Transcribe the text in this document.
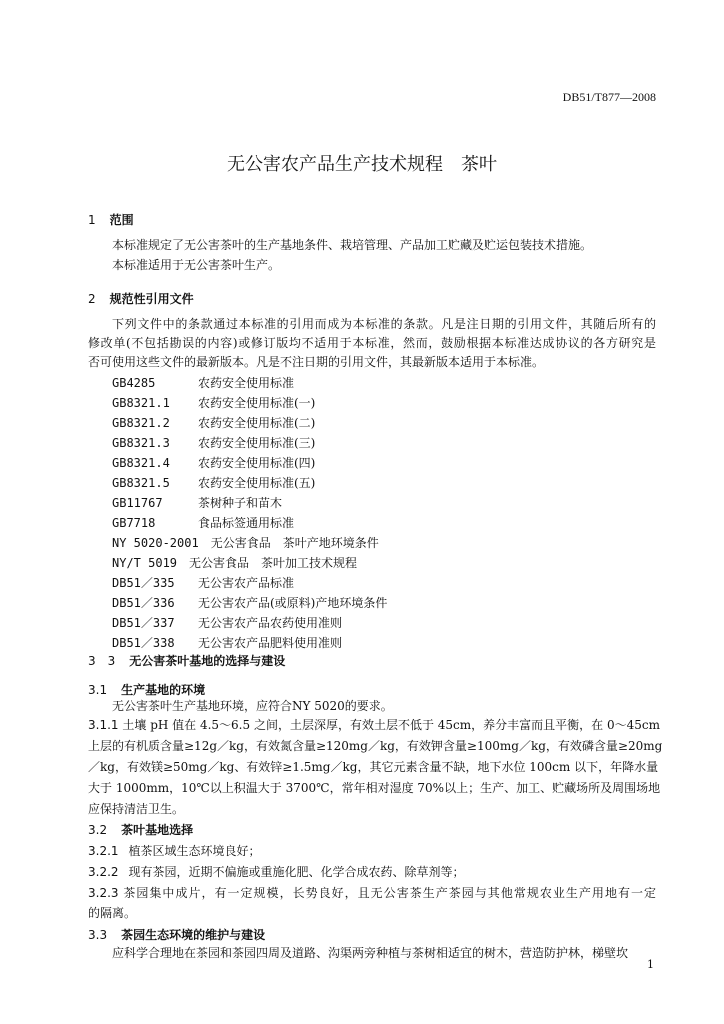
DB51/T877—2008
无公害农产品生产技术规程　茶叶
1 范围
本标准规定了无公害茶叶的生产基地条件、栽培管理、产品加工贮藏及贮运包装技术措施。
本标准适用于无公害茶叶生产。
2 规范性引用文件
下列文件中的条款通过本标准的引用而成为本标准的条款。凡是注日期的引用文件，其随后所有的
修改单(不包括勘误的内容)或修订版均不适用于本标准，然而，鼓励根据本标准达成协议的各方研究是
否可使用这些文件的最新版本。凡是不注日期的引用文件，其最新版本适用于本标准。
GB4285	农药安全使用标准
GB8321.1 农药安全使用标准(一)
GB8321.2 农药安全使用标准(二)
GB8321.3 农药安全使用标准(三)
GB8321.4 农药安全使用标准(四)
GB8321.5 农药安全使用标准(五)
GB11767	茶树种子和苗木
GB7718	食品标签通用标准
NY 5020-2001 无公害食品　茶叶产地环境条件
NY/T 5019 无公害食品　茶叶加工技术规程
DB51／335 无公害农产品标准
DB51／336 无公害农产品(或原料)产地环境条件
DB51／337 无公害农产品农药使用准则
DB51／338 无公害农产品肥料使用准则
3　3 无公害茶叶基地的选择与建设
3.1 生产基地的环境
无公害茶叶生产基地环境，应符合NY 5020的要求。
3.1.1 土壤 pH 值在 4.5～6.5 之间，土层深厚，有效土层不低于 45cm，养分丰富而且平衡，在 0～45cm
上层的有机质含量≥12g／kg，有效氮含量≥120mg／kg，有效钾含量≥100mg／kg，有效磷含量≥20mg
／kg，有效镁≥50mg／kg、有效锌≥1.5mg／kg，其它元素含量不缺，地下水位 100cm 以下，年降水量
大于 1000mm，10℃以上积温大于 3700℃，常年相对湿度 70%以上；生产、加工、贮藏场所及周围场地
应保持清洁卫生。
3.2 茶叶基地选择
3.2.1 植茶区域生态环境良好；
3.2.2 现有茶园，近期不偏施或重施化肥、化学合成农药、除草剂等；
3.2.3 茶园集中成片，有一定规模，长势良好，且无公害茶生产茶园与其他常规农业生产用地有一定
的隔离。
3.3 茶园生态环境的维护与建设
应科学合理地在茶园和茶园四周及道路、沟渠两旁种植与茶树相适宜的树木，营造防护林，梯壁坎
1
